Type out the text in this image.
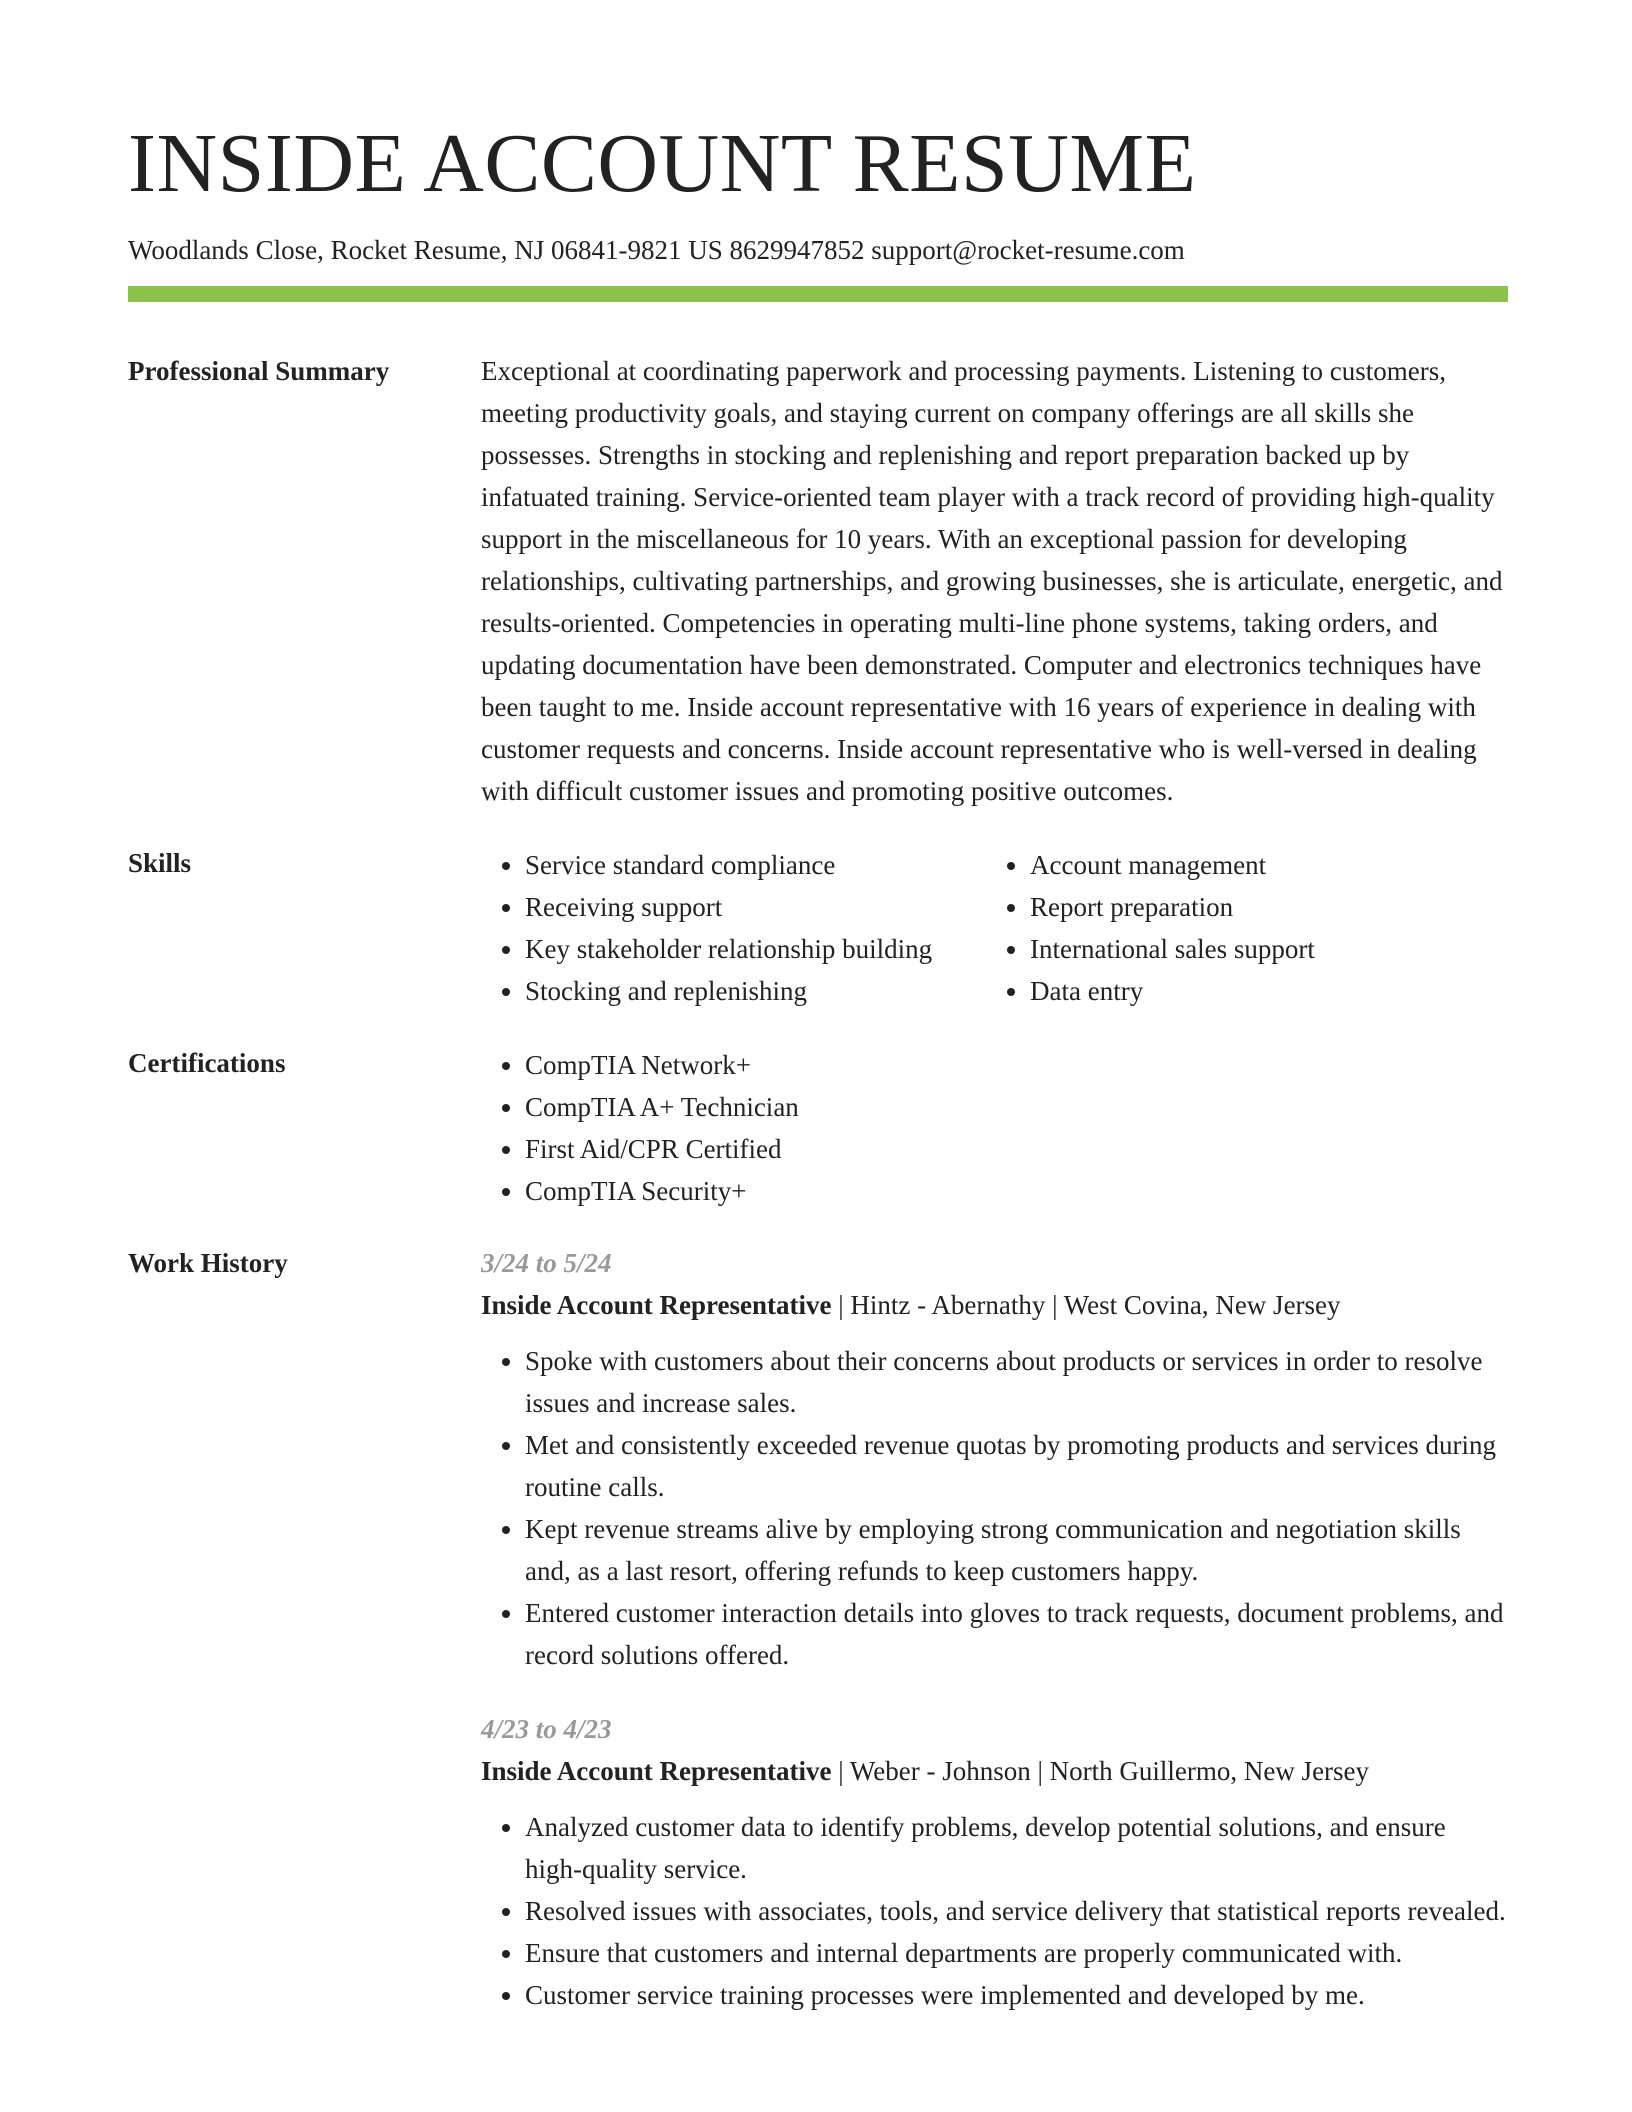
INSIDE ACCOUNT RESUME
Woodlands Close, Rocket Resume, NJ 06841-9821 US 8629947852 support@rocket-resume.com
Professional Summary	Exceptional at coordinating paperwork and processing payments. Listening to customers, meeting productivity goals, and staying current on company offerings are all skills she possesses. Strengths in stocking and replenishing and report preparation backed up by infatuated training. Service-oriented team player with a track record of providing high-quality support in the miscellaneous for 10 years. With an exceptional passion for developing relationships, cultivating partnerships, and growing businesses, she is articulate, energetic, and results-oriented. Competencies in operating multi-line phone systems, taking orders, and updating documentation have been demonstrated. Computer and electronics techniques have been taught to me. Inside account representative with 16 years of experience in dealing with customer requests and concerns. Inside account representative who is well-versed in dealing with difficult customer issues and promoting positive outcomes.

Skills	• Service standard compliance
• Receiving support
• Key stakeholder relationship building
• Stocking and replenishing
• Account management
• Report preparation
• International sales support
• Data entry
Certifications	• CompTIA Network+
• CompTIA A+ Technician
• First Aid/CPR Certified
• CompTIA Security+
Work History	3/24 to 5/24
Inside Account Representative | Hintz - Abernathy | West Covina, New Jersey
• Spoke with customers about their concerns about products or services in order to resolve issues and increase sales.
• Met and consistently exceeded revenue quotas by promoting products and services during routine calls.
• Kept revenue streams alive by employing strong communication and negotiation skills and, as a last resort, offering refunds to keep customers happy.
• Entered customer interaction details into gloves to track requests, document problems, and record solutions offered.
4/23 to 4/23
Inside Account Representative | Weber - Johnson | North Guillermo, New Jersey
• Analyzed customer data to identify problems, develop potential solutions, and ensure high-quality service.
• Resolved issues with associates, tools, and service delivery that statistical reports revealed.
• Ensure that customers and internal departments are properly communicated with.
• Customer service training processes were implemented and developed by me.
